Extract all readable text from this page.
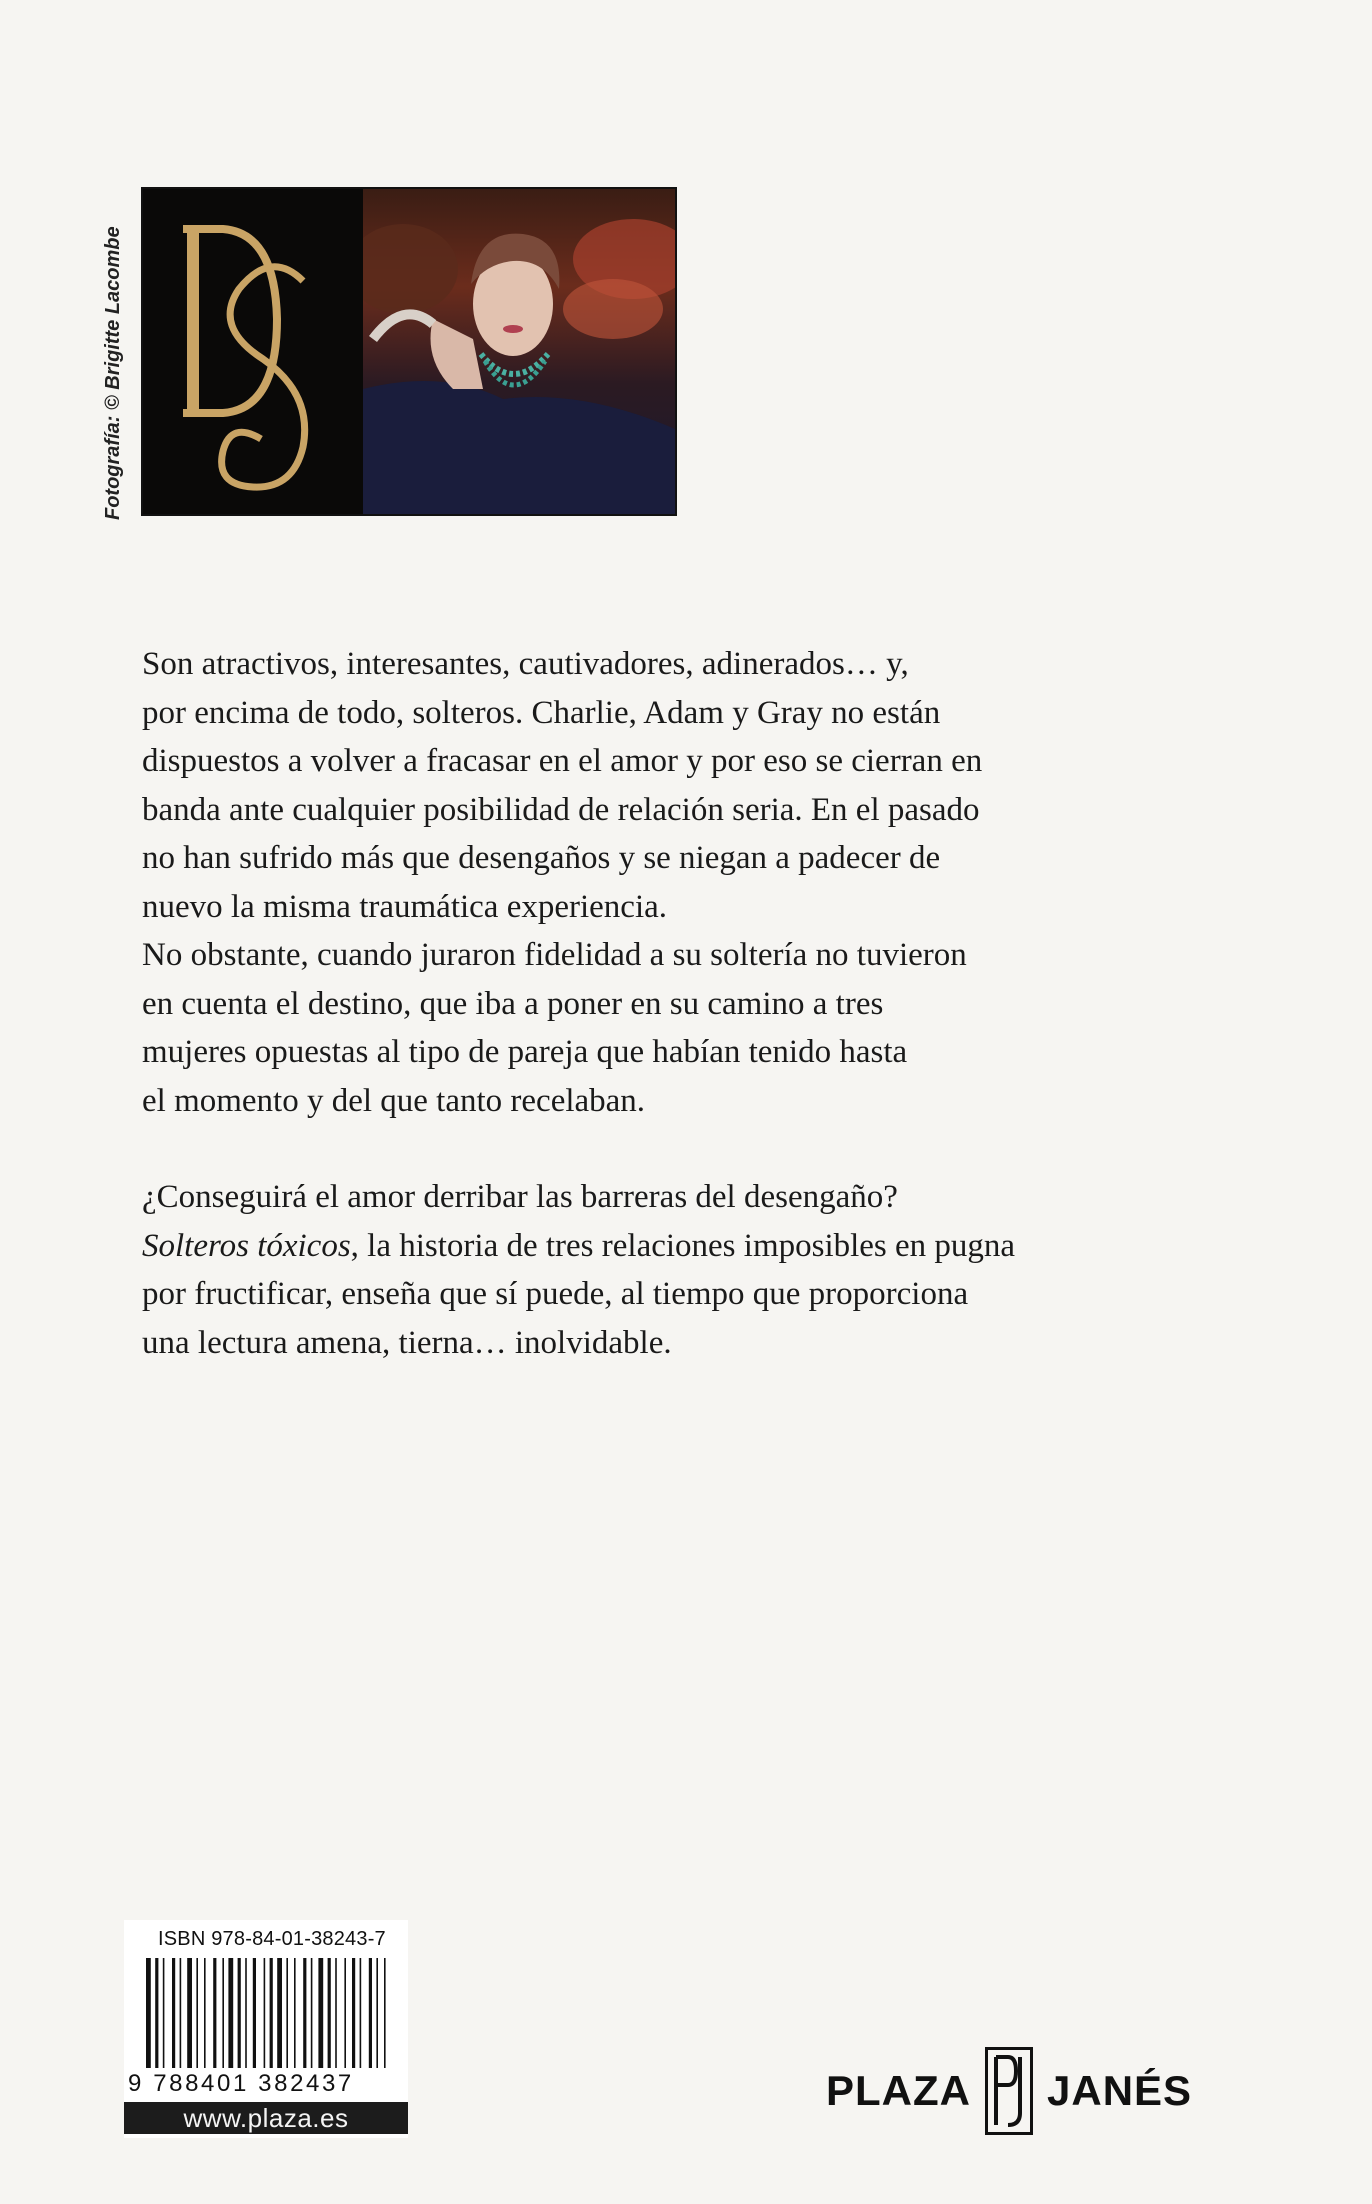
Fotografía: © Brigitte Lacombe

Son atractivos, interesantes, cautivadores, adinerados… y,

por encima de todo, solteros. Charlie, Adam y Gray no están

dispuestos a volver a fracasar en el amor y por eso se cierran en

banda ante cualquier posibilidad de relación seria. En el pasado

no han sufrido más que desengaños y se niegan a padecer de

nuevo la misma traumática experiencia.

No obstante, cuando juraron fidelidad a su soltería no tuvieron

en cuenta el destino, que iba a poner en su camino a tres

mujeres opuestas al tipo de pareja que habían tenido hasta

el momento y del que tanto recelaban.

¿Conseguirá el amor derribar las barreras del desengaño?

Solteros tóxicos, la historia de tres relaciones imposibles en pugna

por fructificar, enseña que sí puede, al tiempo que proporciona

una lectura amena, tierna… inolvidable.

ISBN 978-84-01-38243-7
9 788401 382437
www.plaza.es
PLAZA JANÉS
